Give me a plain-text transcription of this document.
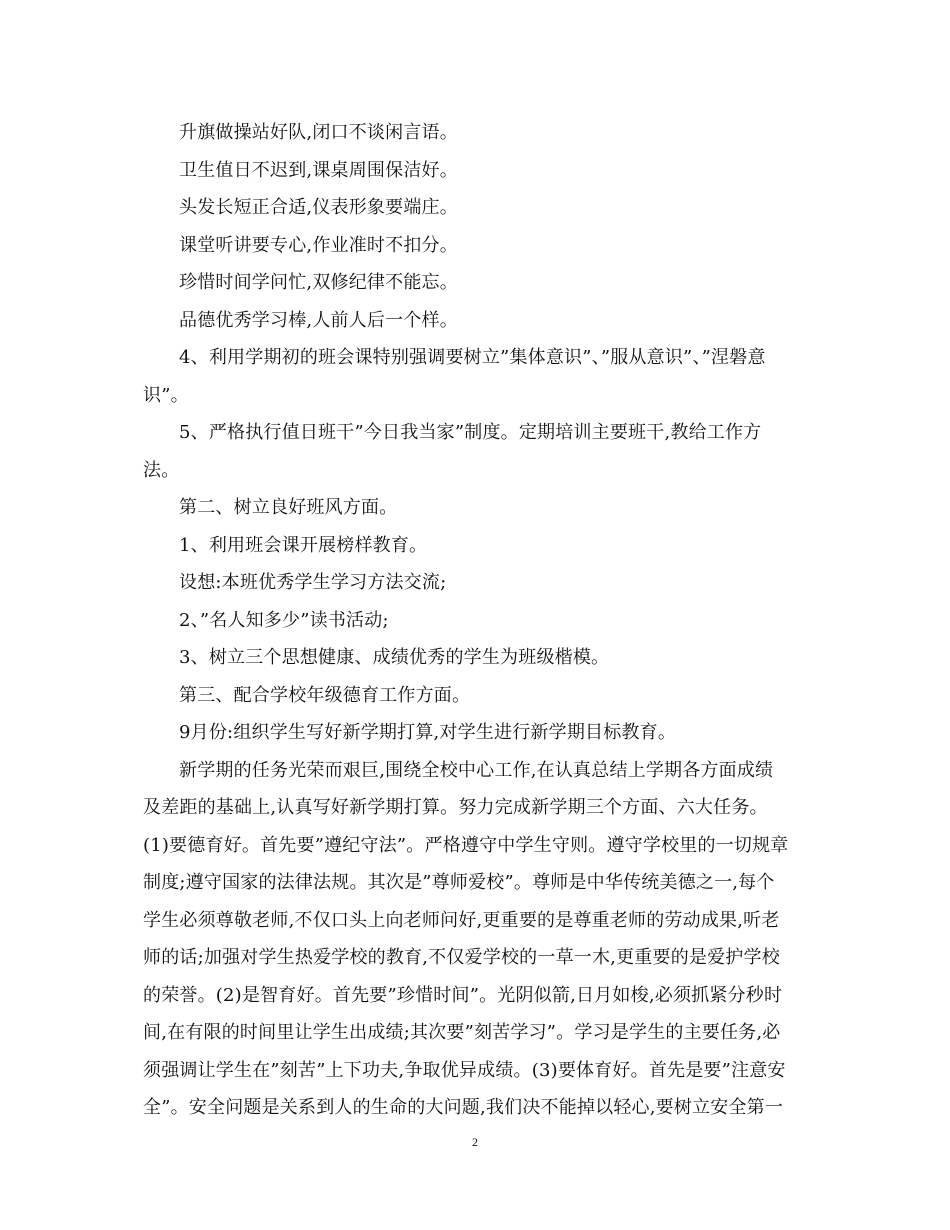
升旗做操站好队,闭口不谈闲言语。
卫生值日不迟到,课桌周围保洁好。
头发长短正合适,仪表形象要端庄。
课堂听讲要专心,作业准时不扣分。
珍惜时间学问忙,双修纪律不能忘。
品德优秀学习棒,人前人后一个样。
4、利用学期初的班会课特别强调要树立”集体意识”、”服从意识”、”涅磐意
识”。
5、严格执行值日班干”今日我当家”制度。定期培训主要班干,教给工作方
法。
第二、树立良好班风方面。
1、利用班会课开展榜样教育。
设想:本班优秀学生学习方法交流;
2、”名人知多少”读书活动;
3、树立三个思想健康、成绩优秀的学生为班级楷模。
第三、配合学校年级德育工作方面。
9月份:组织学生写好新学期打算,对学生进行新学期目标教育。
新学期的任务光荣而艰巨,围绕全校中心工作,在认真总结上学期各方面成绩
及差距的基础上,认真写好新学期打算。努力完成新学期三个方面、六大任务。
(1)要德育好。首先要”遵纪守法”。严格遵守中学生守则。遵守学校里的一切规章
制度;遵守国家的法律法规。其次是”尊师爱校”。尊师是中华传统美德之一,每个
学生必须尊敬老师,不仅口头上向老师问好,更重要的是尊重老师的劳动成果,听老
师的话;加强对学生热爱学校的教育,不仅爱学校的一草一木,更重要的是爱护学校
的荣誉。(2)是智育好。首先要”珍惜时间”。光阴似箭,日月如梭,必须抓紧分秒时
间,在有限的时间里让学生出成绩;其次要”刻苦学习”。学习是学生的主要任务,必
须强调让学生在”刻苦”上下功夫,争取优异成绩。(3)要体育好。首先是要”注意安
全”。安全问题是关系到人的生命的大问题,我们决不能掉以轻心,要树立安全第一
2
